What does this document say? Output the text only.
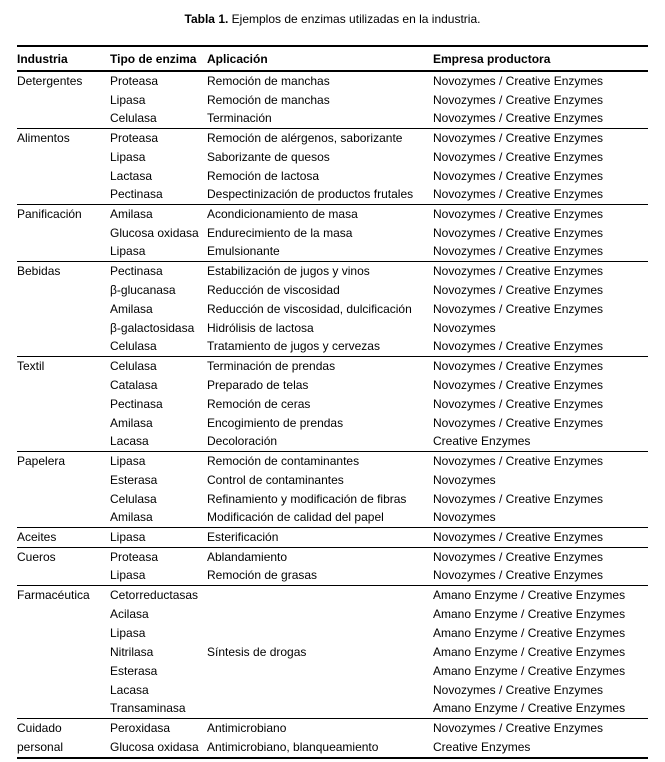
Tabla 1. Ejemplos de enzimas utilizadas en la industria.
Industria	Tipo de enzima	Aplicación	Empresa productora
Detergentes	Proteasa	Remoción de manchas	Novozymes / Creative Enzymes
	Lipasa	Remoción de manchas	Novozymes / Creative Enzymes
	Celulasa	Terminación	Novozymes / Creative Enzymes
Alimentos	Proteasa	Remoción de alérgenos, saborizante	Novozymes / Creative Enzymes
	Lipasa	Saborizante de quesos	Novozymes / Creative Enzymes
	Lactasa	Remoción de lactosa	Novozymes / Creative Enzymes
	Pectinasa	Despectinización de productos frutales	Novozymes / Creative Enzymes
Panificación	Amilasa	Acondicionamiento de masa	Novozymes / Creative Enzymes
	Glucosa oxidasa	Endurecimiento de la masa	Novozymes / Creative Enzymes
	Lipasa	Emulsionante	Novozymes / Creative Enzymes
Bebidas	Pectinasa	Estabilización de jugos y vinos	Novozymes / Creative Enzymes
	β-glucanasa	Reducción de viscosidad	Novozymes / Creative Enzymes
	Amilasa	Reducción de viscosidad, dulcificación	Novozymes / Creative Enzymes
	β-galactosidasa	Hidrólisis de lactosa	Novozymes
	Celulasa	Tratamiento de jugos y cervezas	Novozymes / Creative Enzymes
Textil	Celulasa	Terminación de prendas	Novozymes / Creative Enzymes
	Catalasa	Preparado de telas	Novozymes / Creative Enzymes
	Pectinasa	Remoción de ceras	Novozymes / Creative Enzymes
	Amilasa	Encogimiento de prendas	Novozymes / Creative Enzymes
	Lacasa	Decoloración	Creative Enzymes
Papelera	Lipasa	Remoción de contaminantes	Novozymes / Creative Enzymes
	Esterasa	Control de contaminantes	Novozymes
	Celulasa	Refinamiento y modificación de fibras	Novozymes / Creative Enzymes
	Amilasa	Modificación de calidad del papel	Novozymes
Aceites	Lipasa	Esterificación	Novozymes / Creative Enzymes
Cueros	Proteasa	Ablandamiento	Novozymes / Creative Enzymes
	Lipasa	Remoción de grasas	Novozymes / Creative Enzymes
Farmacéutica	Cetorreductasas		Amano Enzyme / Creative Enzymes
	Acilasa		Amano Enzyme / Creative Enzymes
	Lipasa		Amano Enzyme / Creative Enzymes
	Nitrilasa	Síntesis de drogas	Amano Enzyme / Creative Enzymes
	Esterasa		Amano Enzyme / Creative Enzymes
	Lacasa		Novozymes / Creative Enzymes
	Transaminasa		Amano Enzyme / Creative Enzymes
Cuidado personal	Peroxidasa	Antimicrobiano	Novozymes / Creative Enzymes
	Glucosa oxidasa	Antimicrobiano, blanqueamiento	Creative Enzymes
